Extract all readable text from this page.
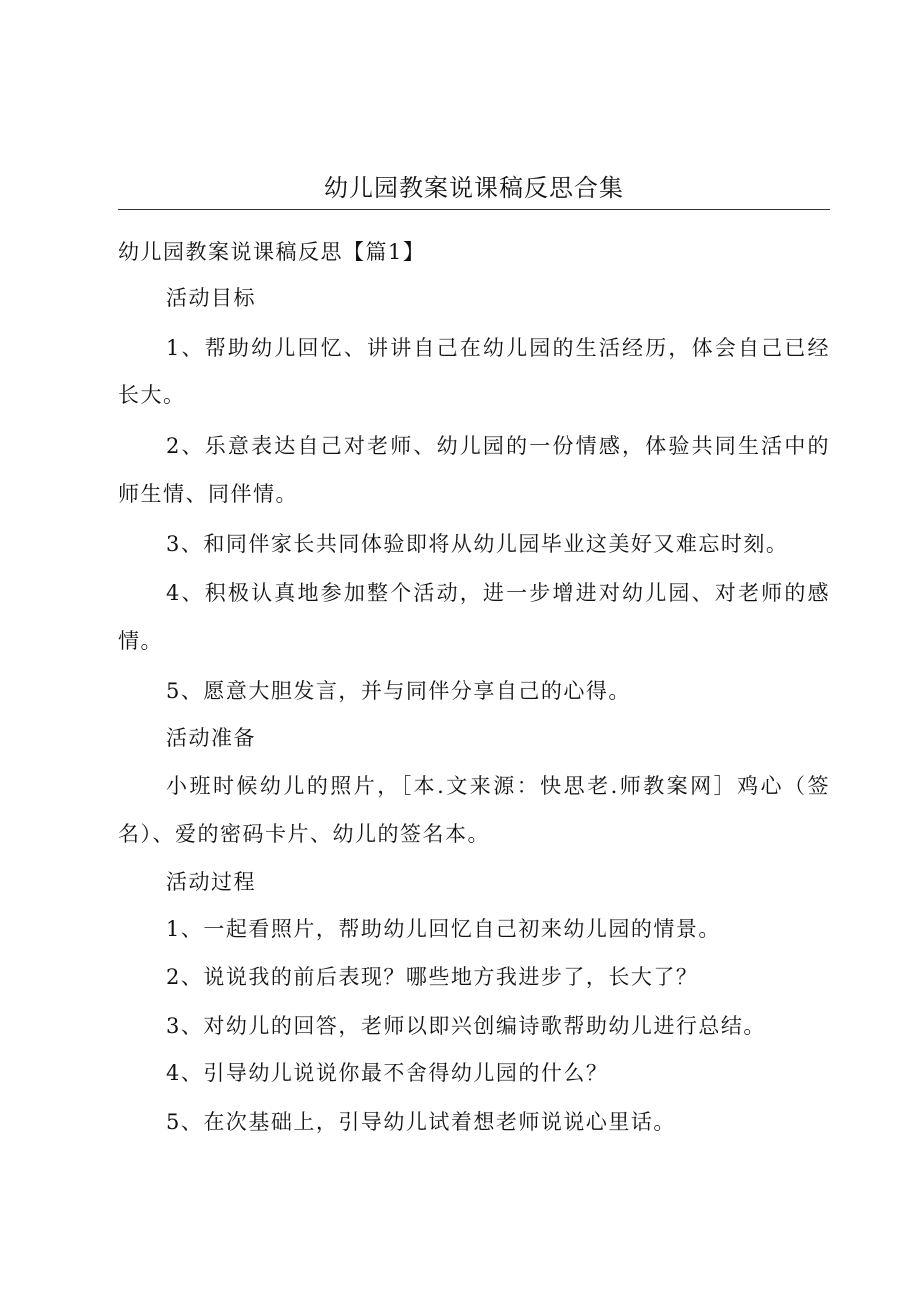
幼儿园教案说课稿反思合集
幼儿园教案说课稿反思【篇1】
活动目标
1、帮助幼儿回忆、讲讲自己在幼儿园的生活经历，体会自己已经
长大。
2、乐意表达自己对老师、幼儿园的一份情感，体验共同生活中的
师生情、同伴情。
3、和同伴家长共同体验即将从幼儿园毕业这美好又难忘时刻。
4、积极认真地参加整个活动，进一步增进对幼儿园、对老师的感
情。
5、愿意大胆发言，并与同伴分享自己的心得。
活动准备
小班时候幼儿的照片，［本.文来源：快思老.师教案网］鸡心（签
名）、爱的密码卡片、幼儿的签名本。
活动过程
1、一起看照片，帮助幼儿回忆自己初来幼儿园的情景。
2、说说我的前后表现？哪些地方我进步了，长大了？
3、对幼儿的回答，老师以即兴创编诗歌帮助幼儿进行总结。
4、引导幼儿说说你最不舍得幼儿园的什么？
5、在次基础上，引导幼儿试着想老师说说心里话。
